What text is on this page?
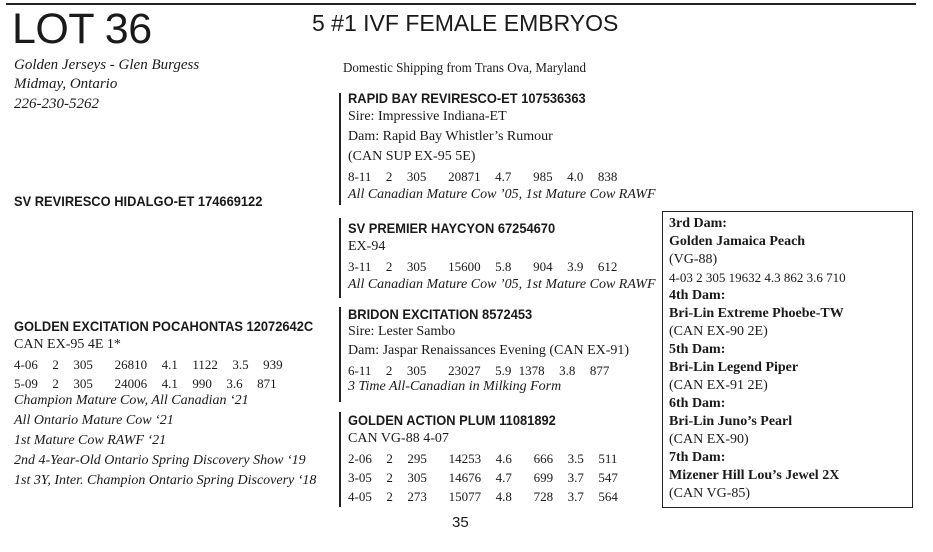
LOT 36	5 #1 IVF FEMALE EMBRYOS
Golden Jerseys - Glen Burgess
Midmay, Ontario
226-230-5262
Domestic Shipping from Trans Ova, Maryland
SV REVIRESCO HIDALGO-ET 174669122
GOLDEN EXCITATION POCAHONTAS 12072642C
CAN EX-95 4E 1*
4-06  2  305   26810  4.1  1122  3.5  939
5-09  2  305   24006  4.1  990  3.6  871
Champion Mature Cow, All Canadian ‘21
All Ontario Mature Cow ‘21
1st Mature Cow RAWF ‘21
2nd 4-Year-Old Ontario Spring Discovery Show ‘19
1st 3Y, Inter. Champion Ontario Spring Discovery ‘18
RAPID BAY REVIRESCO-ET 107536363
Sire: Impressive Indiana-ET
Dam: Rapid Bay Whistler’s Rumour
(CAN SUP EX-95 5E)
8-11  2  305   20871  4.7   985  4.0  838
All Canadian Mature Cow ’05, 1st Mature Cow RAWF
SV PREMIER HAYCYON 67254670
EX-94
3-11  2  305   15600  5.8   904  3.9  612
All Canadian Mature Cow ’05, 1st Mature Cow RAWF
BRIDON EXCITATION 8572453
Sire: Lester Sambo
Dam: Jaspar Renaissances Evening (CAN EX-91)
6-11  2  305   23027  5.9 1378  3.8  877
3 Time All-Canadian in Milking Form
GOLDEN ACTION PLUM 11081892
CAN VG-88 4-07
2-06  2  295   14253  4.6   666  3.5  511
3-05  2  305   14676  4.7   699  3.7  547
4-05  2  273   15077  4.8   728  3.7  564
3rd Dam:
Golden Jamaica Peach
(VG-88)
4-03 2 305 19632 4.3 862 3.6 710
4th Dam:
Bri-Lin Extreme Phoebe-TW
(CAN EX-90 2E)
5th Dam:
Bri-Lin Legend Piper
(CAN EX-91 2E)
6th Dam:
Bri-Lin Juno’s Pearl
(CAN EX-90)
7th Dam:
Mizener Hill Lou’s Jewel 2X
(CAN VG-85)
35
